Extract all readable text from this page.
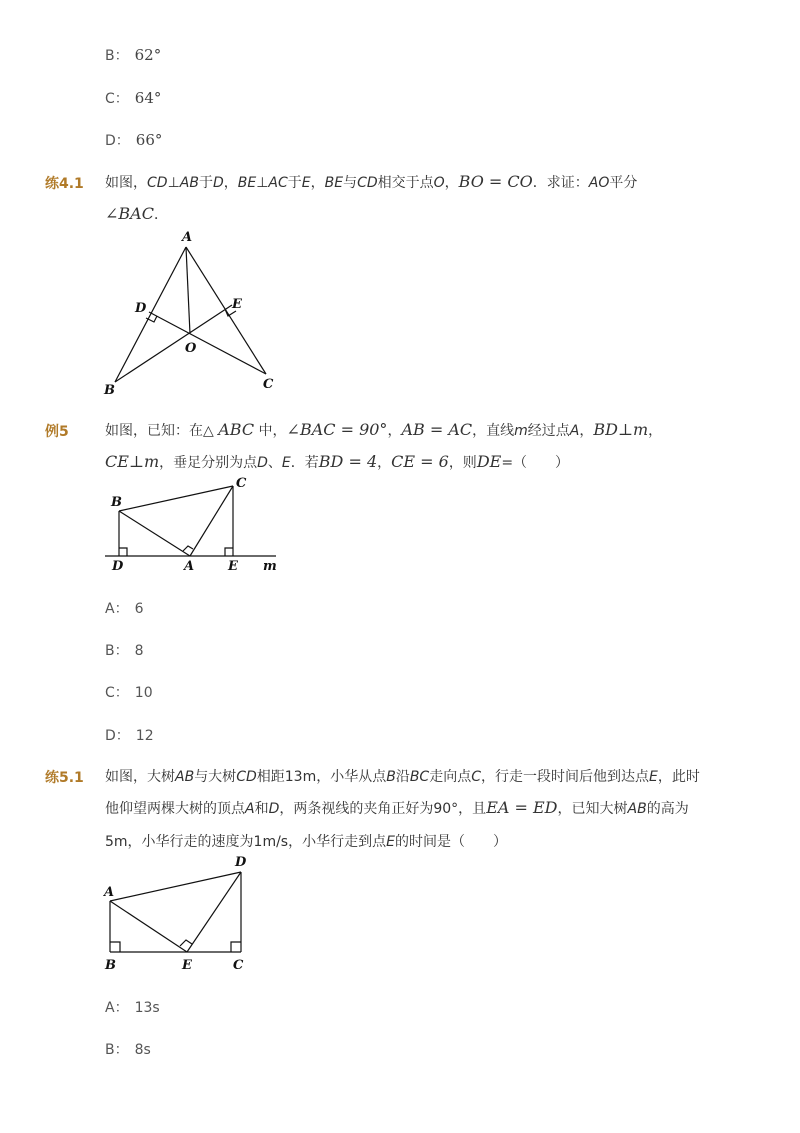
B： 62°
C： 64°
D： 66°
练4.1 如图，CD⊥AB于D，BE⊥AC于E，BE与CD相交于点O，BO = CO．求证：AO平分
∠BAC．
A
B	C
D	E
O
例5	如图，已知：在△ ABC 中，∠BAC = 90°，AB = AC，直线m经过点A，BD⊥m，
CE⊥m，垂足分别为点D、E．若BD = 4，CE = 6，则DE=（　　）
A
B
C
D	E m
A： 6
B： 8
C： 10
D： 12
练5.1 如图，大树AB与大树CD相距13m，小华从点B沿BC走向点C，行走一段时间后他到达点E，此时
他仰望两棵大树的顶点A和D，两条视线的夹角正好为90°，且EA = ED，已知大树AB的高为
5m，小华行走的速度为1m/s，小华行走到点E的时间是（　　）
A
B	C
D
E
A： 13s
B： 8s
